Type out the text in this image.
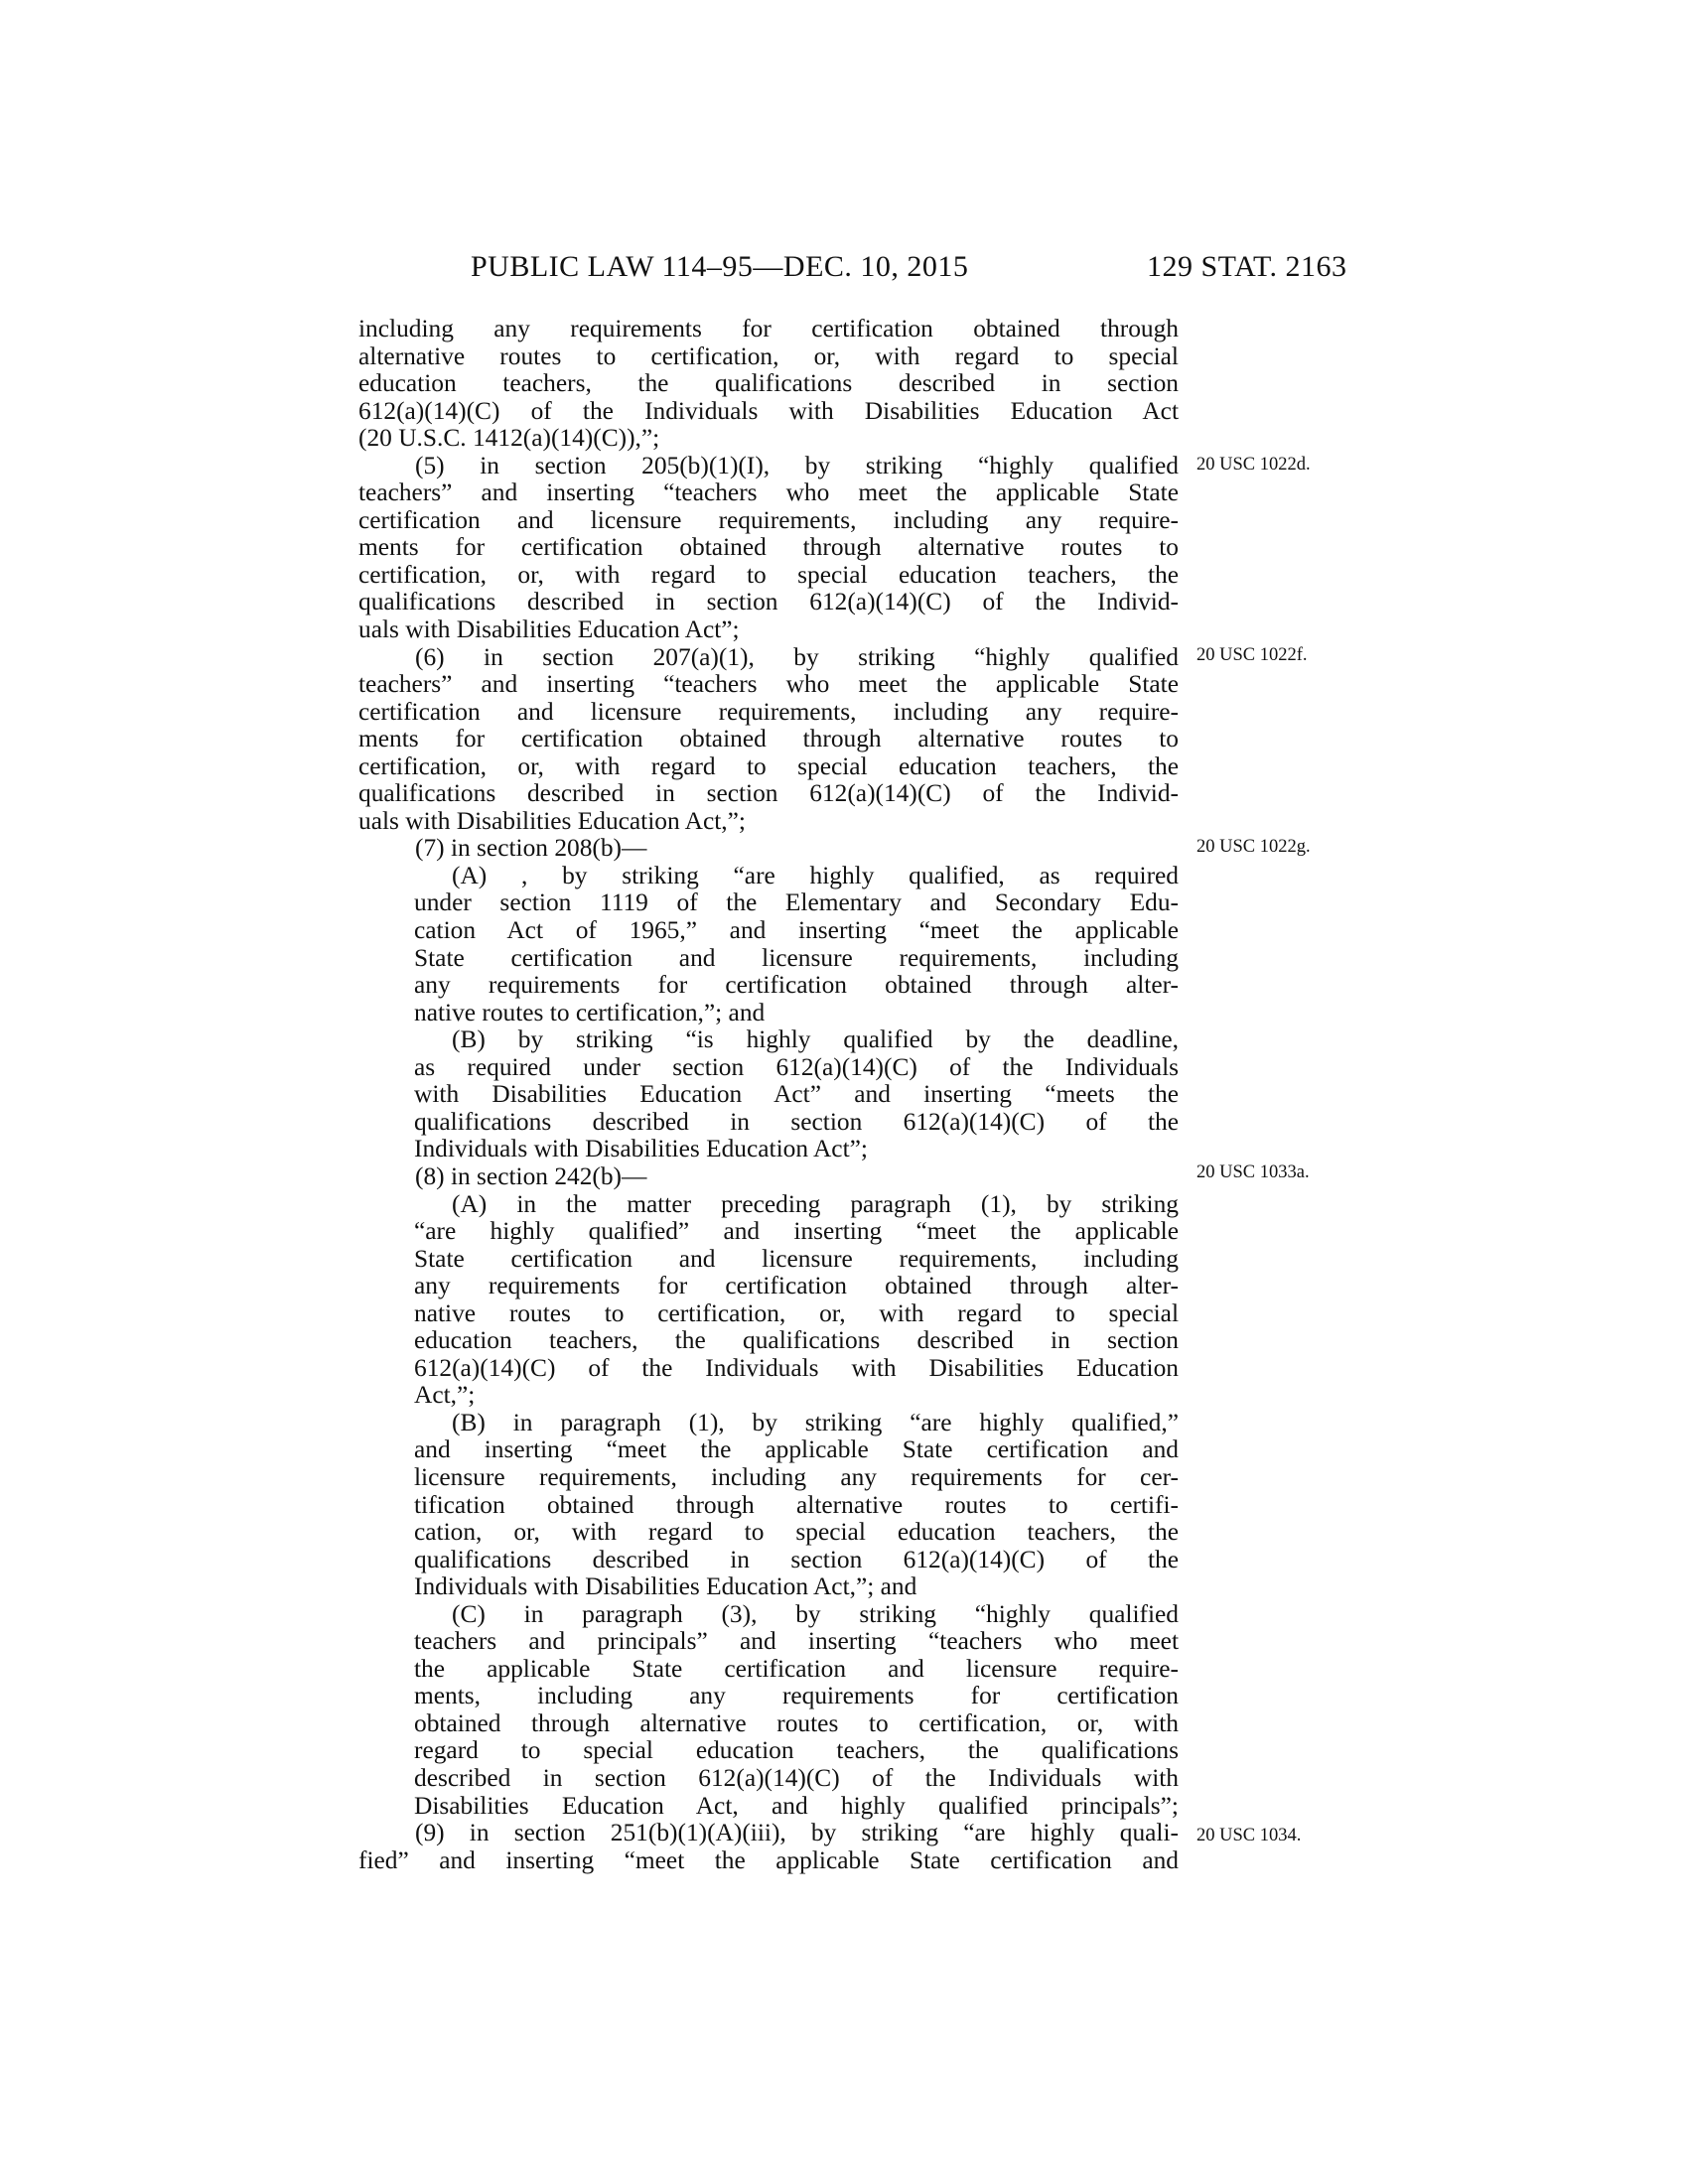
PUBLIC LAW 114–95—DEC. 10, 2015	129 STAT. 2163
including any requirements for certification obtained through
alternative routes to certification, or, with regard to special
education teachers, the qualifications described in section
612(a)(14)(C) of the Individuals with Disabilities Education Act
(20 U.S.C. 1412(a)(14)(C)),”;
(5) in section 205(b)(1)(I), by striking “highly qualified
teachers” and inserting “teachers who meet the applicable State
certification and licensure requirements, including any require-
ments for certification obtained through alternative routes to
certification, or, with regard to special education teachers, the
qualifications described in section 612(a)(14)(C) of the Individ-
uals with Disabilities Education Act”;
(6) in section 207(a)(1), by striking “highly qualified
teachers” and inserting “teachers who meet the applicable State
certification and licensure requirements, including any require-
ments for certification obtained through alternative routes to
certification, or, with regard to special education teachers, the
qualifications described in section 612(a)(14)(C) of the Individ-
uals with Disabilities Education Act,”;
(7) in section 208(b)—
(A) , by striking “are highly qualified, as required
under section 1119 of the Elementary and Secondary Edu-
cation Act of 1965,” and inserting “meet the applicable
State certification and licensure requirements, including
any requirements for certification obtained through alter-
native routes to certification,”; and
(B) by striking “is highly qualified by the deadline,
as required under section 612(a)(14)(C) of the Individuals
with Disabilities Education Act” and inserting “meets the
qualifications described in section 612(a)(14)(C) of the
Individuals with Disabilities Education Act”;
(8) in section 242(b)—
(A) in the matter preceding paragraph (1), by striking
“are highly qualified” and inserting “meet the applicable
State certification and licensure requirements, including
any requirements for certification obtained through alter-
native routes to certification, or, with regard to special
education teachers, the qualifications described in section
612(a)(14)(C) of the Individuals with Disabilities Education
Act,”;
(B) in paragraph (1), by striking “are highly qualified,”
and inserting “meet the applicable State certification and
licensure requirements, including any requirements for cer-
tification obtained through alternative routes to certifi-
cation, or, with regard to special education teachers, the
qualifications described in section 612(a)(14)(C) of the
Individuals with Disabilities Education Act,”; and
(C) in paragraph (3), by striking “highly qualified
teachers and principals” and inserting “teachers who meet
the applicable State certification and licensure require-
ments, including any requirements for certification
obtained through alternative routes to certification, or, with
regard to special education teachers, the qualifications
described in section 612(a)(14)(C) of the Individuals with
Disabilities Education Act, and highly qualified principals”;
(9) in section 251(b)(1)(A)(iii), by striking “are highly quali-
fied” and inserting “meet the applicable State certification and
20 USC 1022d.
20 USC 1022f.
20 USC 1022g.
20 USC 1033a.
20 USC 1034.
